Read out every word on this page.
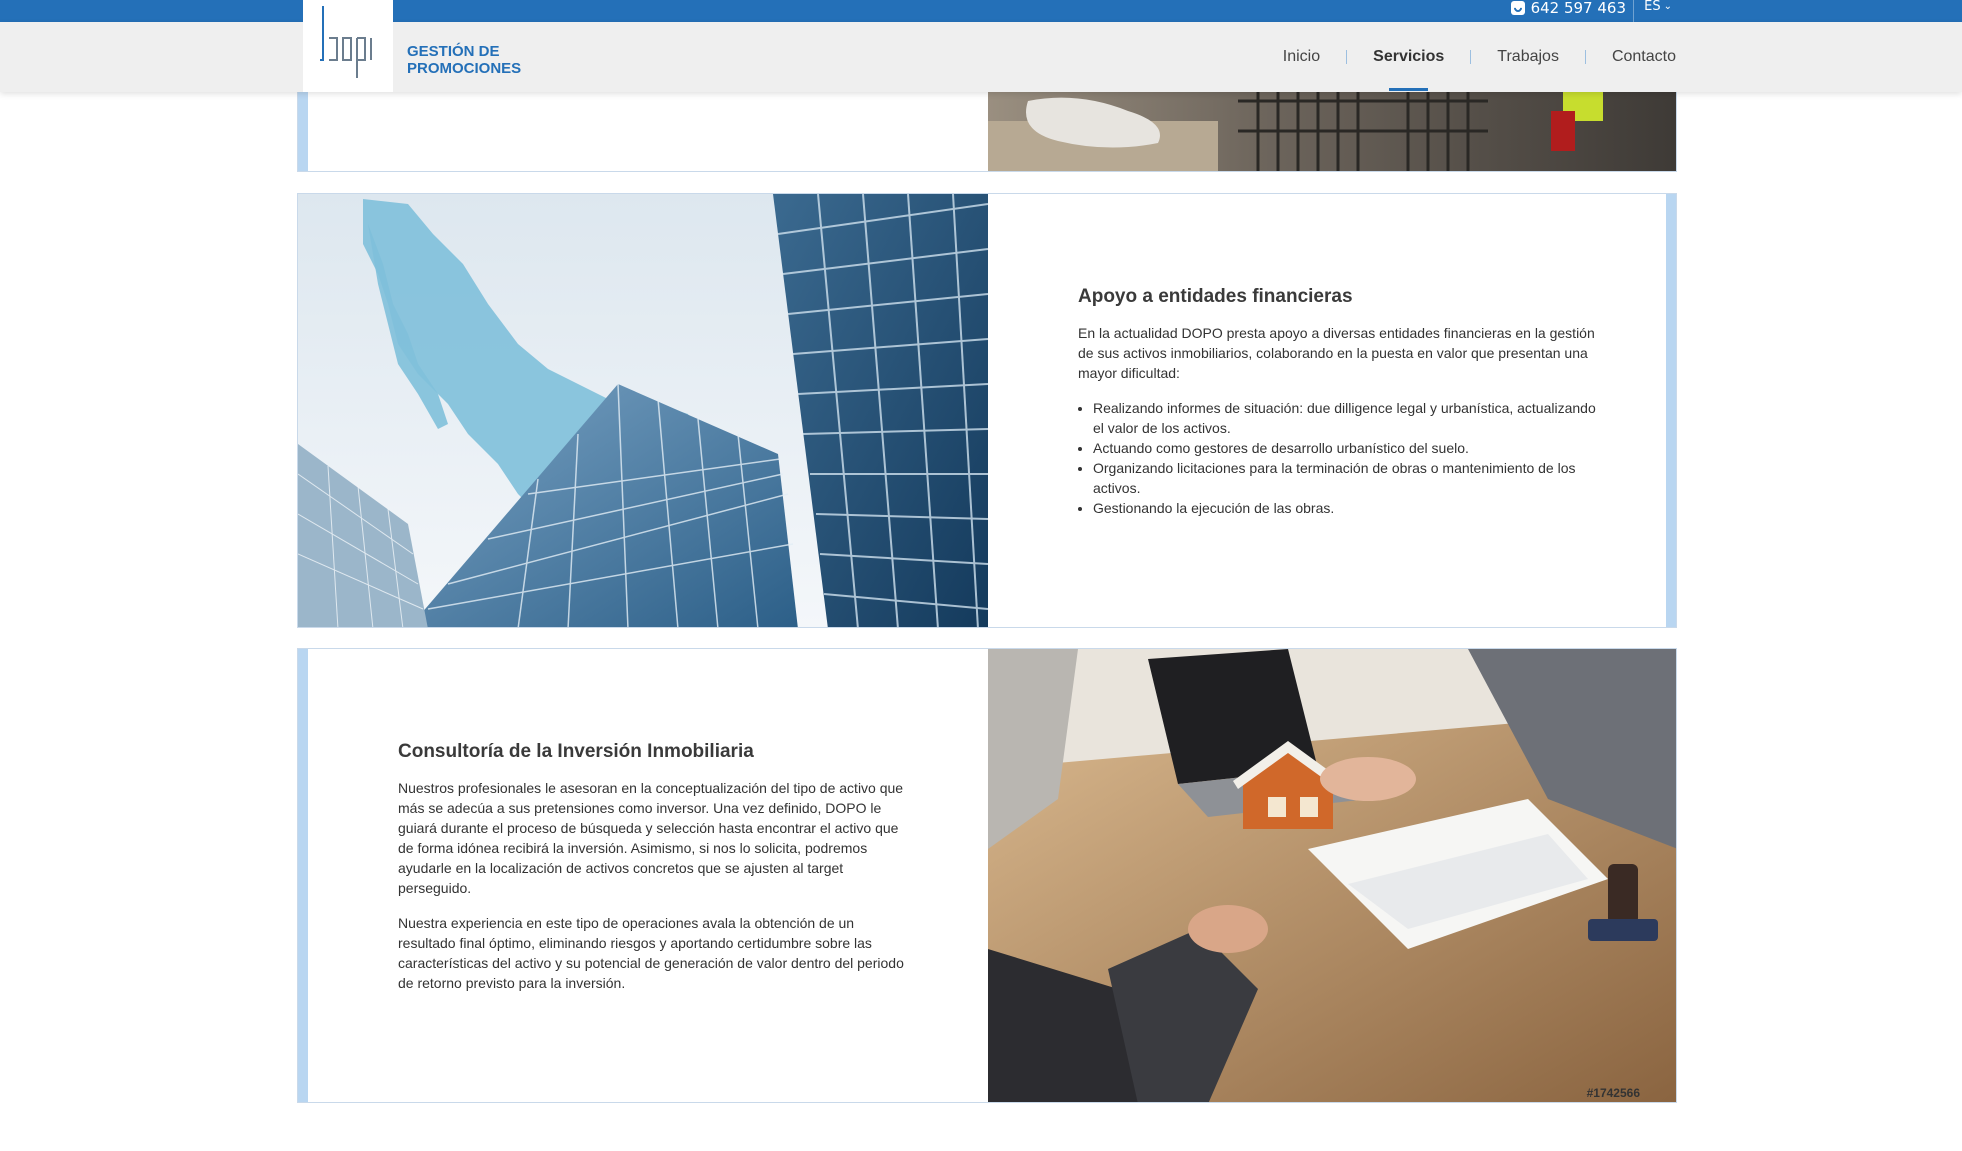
642 597 463 ES ⌄
GESTIÓN DE
PROMOCIONES
Inicio	Servicios	Trabajos	Contacto
Apoyo a entidades financieras

En la actualidad DOPO presta apoyo a diversas entidades financieras en la gestión de sus activos inmobiliarios, colaborando en la puesta en valor que presentan una mayor dificultad:

• Realizando informes de situación: due dilligence legal y urbanística, actualizando el valor de los activos.
• Actuando como gestores de desarrollo urbanístico del suelo.
• Organizando licitaciones para la terminación de obras o mantenimiento de los activos.
• Gestionando la ejecución de las obras.
Consultoría de la Inversión Inmobiliaria

Nuestros profesionales le asesoran en la conceptualización del tipo de activo que más se adecúa a sus pretensiones como inversor. Una vez definido, DOPO le guiará durante el proceso de búsqueda y selección hasta encontrar el activo que de forma idónea recibirá la inversión. Asimismo, si nos lo solicita, podremos ayudarle en la localización de activos concretos que se ajusten al target perseguido.

Nuestra experiencia en este tipo de operaciones avala la obtención de un resultado final óptimo, eliminando riesgos y aportando certidumbre sobre las características del activo y su potencial de generación de valor dentro del periodo de retorno previsto para la inversión.

#1742566
